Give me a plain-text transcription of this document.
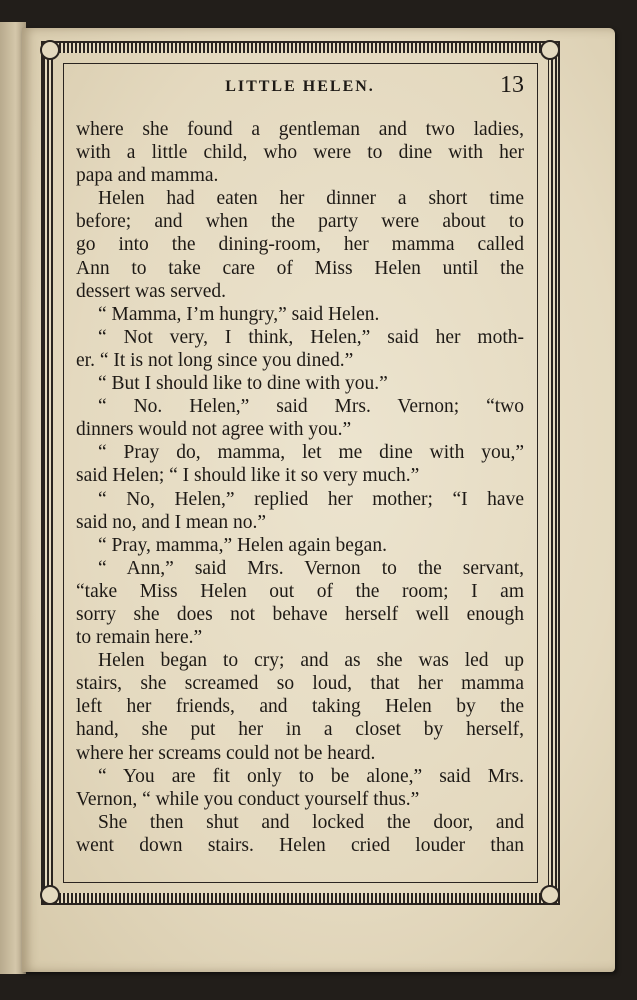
LITTLE HELEN.	13
where she found a gentleman and two ladies,
with a little child, who were to dine with her
papa and mamma.
Helen had eaten her dinner a short time
before; and when the party were about to
go into the dining-room, her mamma called
Ann to take care of Miss Helen until the
dessert was served.
“ Mamma, I’m hungry,” said Helen.
“ Not very, I think, Helen,” said her moth-
er. “ It is not long since you dined.”
“ But I should like to dine with you.”
“ No. Helen,” said Mrs. Vernon; “two
dinners would not agree with you.”
“ Pray do, mamma, let me dine with you,”
said Helen; “ I should like it so very much.”
“ No, Helen,” replied her mother; “I have
said no, and I mean no.”
“ Pray, mamma,” Helen again began.
“ Ann,” said Mrs. Vernon to the servant,
“take Miss Helen out of the room; I am
sorry she does not behave herself well enough
to remain here.”
Helen began to cry; and as she was led up
stairs, she screamed so loud, that her mamma
left her friends, and taking Helen by the
hand, she put her in a closet by herself,
where her screams could not be heard.
“ You are fit only to be alone,” said Mrs.
Vernon, “ while you conduct yourself thus.”
She then shut and locked the door, and
went down stairs. Helen cried louder than
